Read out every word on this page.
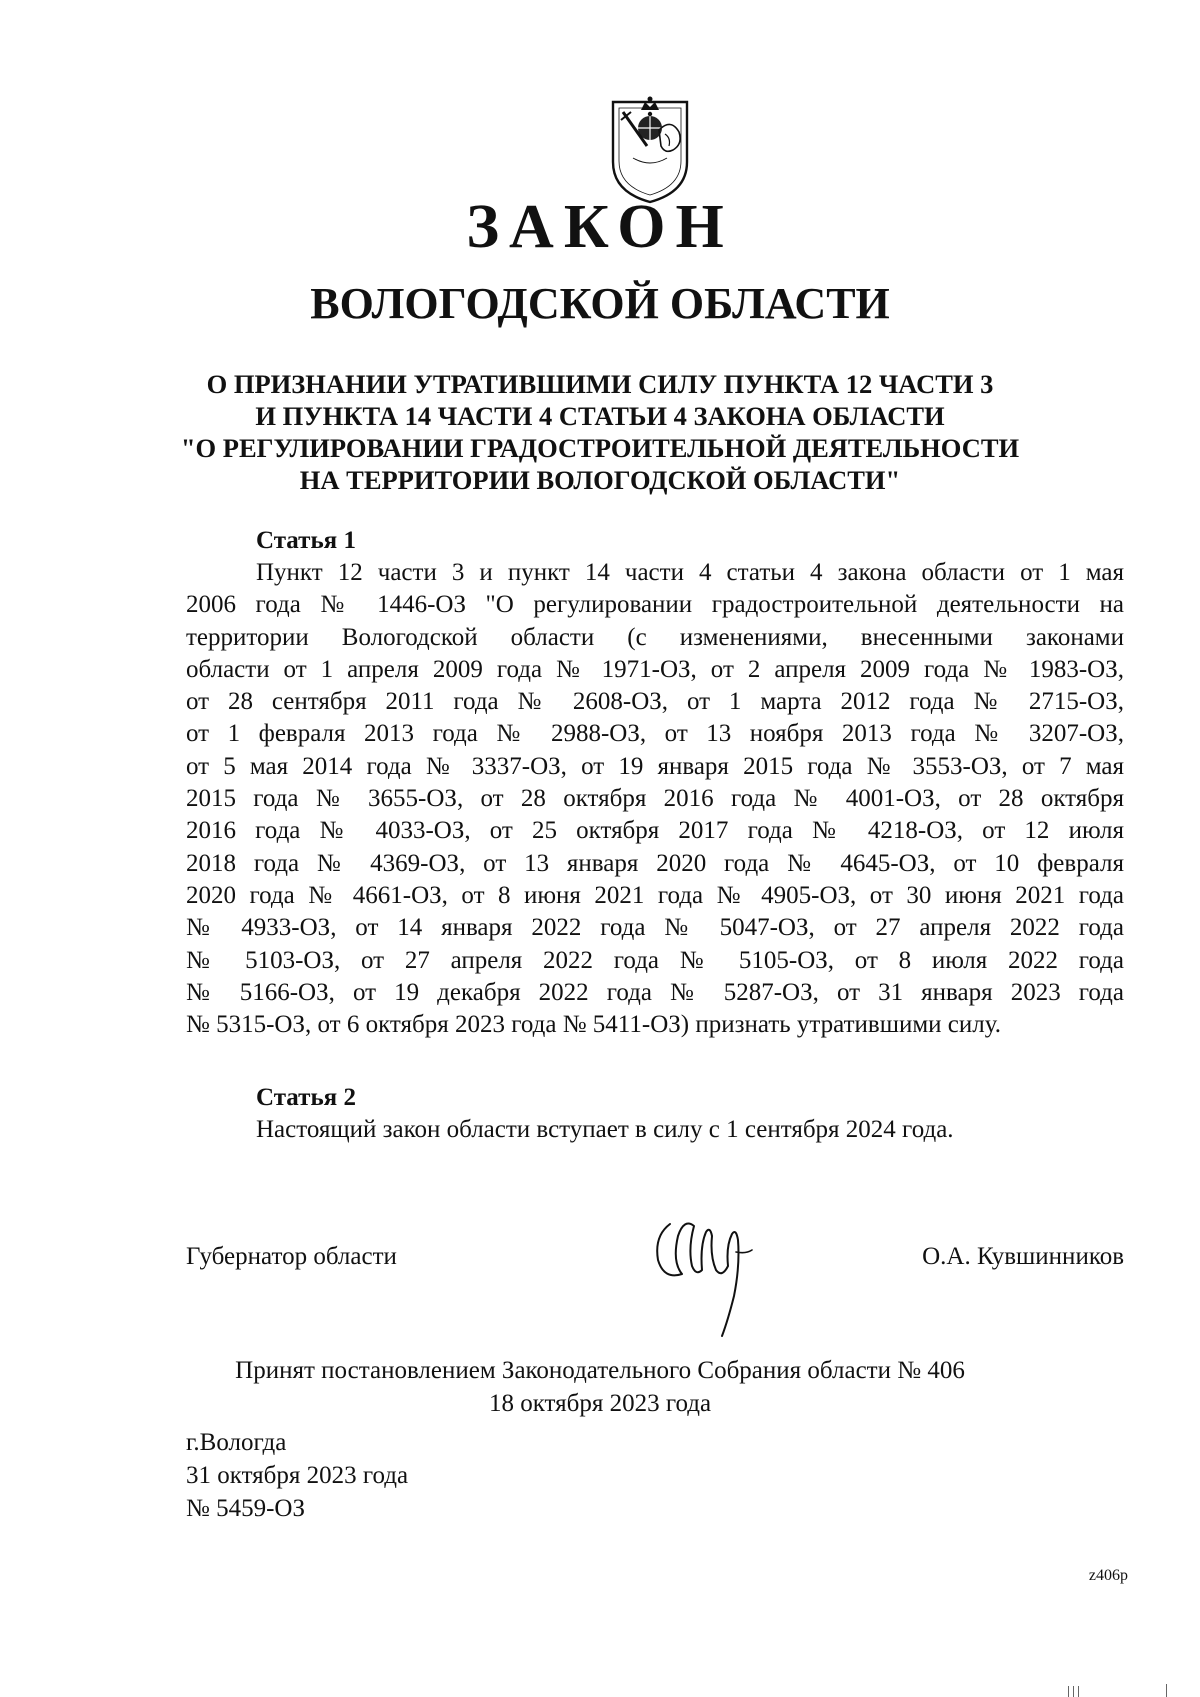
ЗАКОН
ВОЛОГОДСКОЙ ОБЛАСТИ
О ПРИЗНАНИИ УТРАТИВШИМИ СИЛУ ПУНКТА 12 ЧАСТИ 3
И ПУНКТА 14 ЧАСТИ 4 СТАТЬИ 4 ЗАКОНА ОБЛАСТИ
"О РЕГУЛИРОВАНИИ ГРАДОСТРОИТЕЛЬНОЙ ДЕЯТЕЛЬНОСТИ
НА ТЕРРИТОРИИ ВОЛОГОДСКОЙ ОБЛАСТИ"
Статья 1
Пункт 12 части 3 и пункт 14 части 4 статьи 4 закона области от 1 мая
2006 года № 1446-ОЗ "О регулировании градостроительной деятельности на
территории Вологодской области (с изменениями, внесенными законами
области от 1 апреля 2009 года № 1971-ОЗ, от 2 апреля 2009 года № 1983-ОЗ,
от 28 сентября 2011 года № 2608-ОЗ, от 1 марта 2012 года № 2715-ОЗ,
от 1 февраля 2013 года № 2988-ОЗ, от 13 ноября 2013 года № 3207-ОЗ,
от 5 мая 2014 года № 3337-ОЗ, от 19 января 2015 года № 3553-ОЗ, от 7 мая
2015 года № 3655-ОЗ, от 28 октября 2016 года № 4001-ОЗ, от 28 октября
2016 года № 4033-ОЗ, от 25 октября 2017 года № 4218-ОЗ, от 12 июля
2018 года № 4369-ОЗ, от 13 января 2020 года № 4645-ОЗ, от 10 февраля
2020 года № 4661-ОЗ, от 8 июня 2021 года № 4905-ОЗ, от 30 июня 2021 года
№ 4933-ОЗ, от 14 января 2022 года № 5047-ОЗ, от 27 апреля 2022 года
№ 5103-ОЗ, от 27 апреля 2022 года № 5105-ОЗ, от 8 июля 2022 года
№ 5166-ОЗ, от 19 декабря 2022 года № 5287-ОЗ, от 31 января 2023 года
№ 5315-ОЗ, от 6 октября 2023 года № 5411-ОЗ) признать утратившими силу.
Статья 2
Настоящий закон области вступает в силу с 1 сентября 2024 года.
Губернатор области	О.А. Кувшинников
Принят постановлением Законодательного Собрания области № 406
18 октября 2023 года
г.Вологда
31 октября 2023 года
№ 5459-ОЗ
z406p
